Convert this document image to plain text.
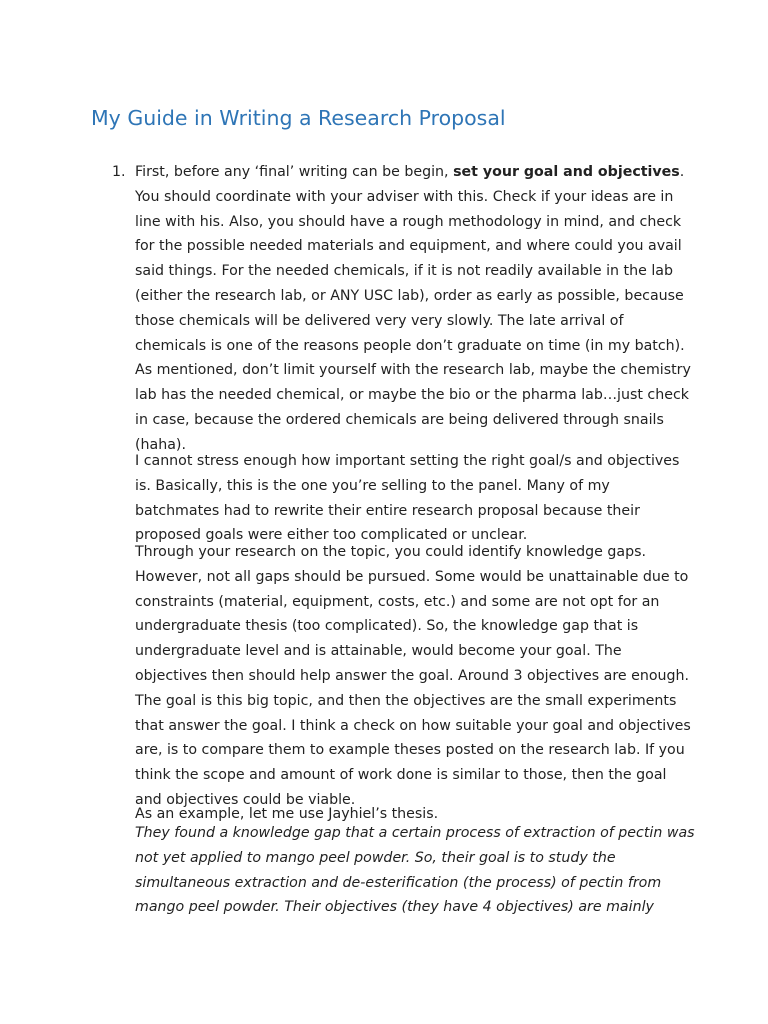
My Guide in Writing a Research Proposal
1. First, before any ‘final’ writing can be begin, set your goal and objectives. You should coordinate with your adviser with this. Check if your ideas are in line with his. Also, you should have a rough methodology in mind, and check for the possible needed materials and equipment, and where could you avail said things. For the needed chemicals, if it is not readily available in the lab (either the research lab, or ANY USC lab), order as early as possible, because those chemicals will be delivered very very slowly. The late arrival of chemicals is one of the reasons people don’t graduate on time (in my batch). As mentioned, don’t limit yourself with the research lab, maybe the chemistry lab has the needed chemical, or maybe the bio or the pharma lab…just check in case, because the ordered chemicals are being delivered through snails (haha).

I cannot stress enough how important setting the right goal/s and objectives is. Basically, this is the one you’re selling to the panel. Many of my batchmates had to rewrite their entire research proposal because their proposed goals were either too complicated or unclear.

Through your research on the topic, you could identify knowledge gaps. However, not all gaps should be pursued. Some would be unattainable due to constraints (material, equipment, costs, etc.) and some are not opt for an undergraduate thesis (too complicated). So, the knowledge gap that is undergraduate level and is attainable, would become your goal. The objectives then should help answer the goal. Around 3 objectives are enough. The goal is this big topic, and then the objectives are the small experiments that answer the goal. I think a check on how suitable your goal and objectives are, is to compare them to example theses posted on the research lab. If you think the scope and amount of work done is similar to those, then the goal and objectives could be viable.

As an example, let me use Jayhiel’s thesis.

They found a knowledge gap that a certain process of extraction of pectin was not yet applied to mango peel powder. So, their goal is to study the simultaneous extraction and de-esterification (the process) of pectin from mango peel powder. Their objectives (they have 4 objectives) are mainly
